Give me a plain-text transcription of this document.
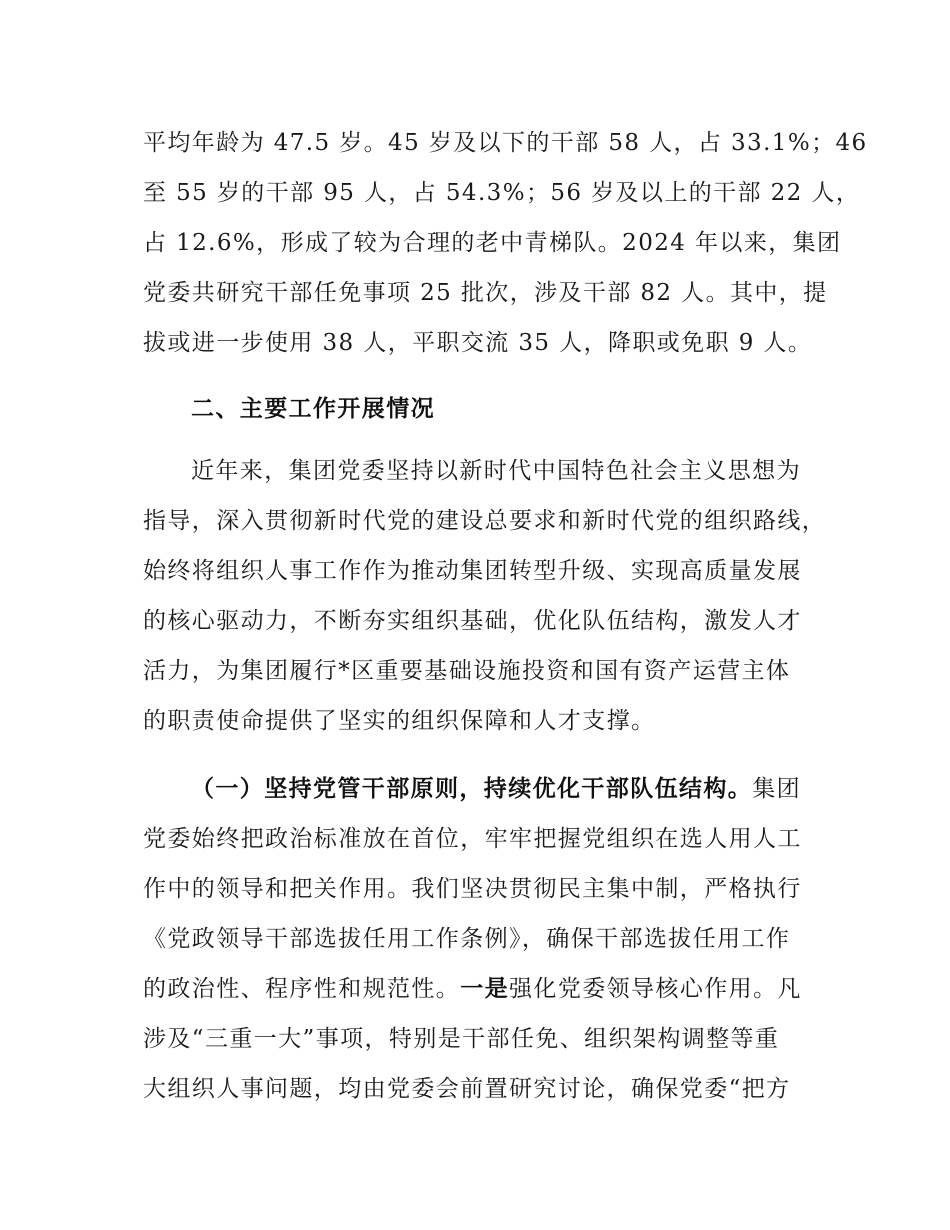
平均年龄为 47.5 岁。45 岁及以下的干部 58 人，占 33.1%；46
至 55 岁的干部 95 人，占 54.3%；56 岁及以上的干部 22 人，
占 12.6%，形成了较为合理的老中青梯队。2024 年以来，集团
党委共研究干部任免事项 25 批次，涉及干部 82 人。其中，提
拔或进一步使用 38 人，平职交流 35 人，降职或免职 9 人。
二、主要工作开展情况
近年来，集团党委坚持以新时代中国特色社会主义思想为
指导，深入贯彻新时代党的建设总要求和新时代党的组织路线，
始终将组织人事工作作为推动集团转型升级、实现高质量发展
的核心驱动力，不断夯实组织基础，优化队伍结构，激发人才
活力，为集团履行*区重要基础设施投资和国有资产运营主体
的职责使命提供了坚实的组织保障和人才支撑。
（一）坚持党管干部原则，持续优化干部队伍结构。集团
党委始终把政治标准放在首位，牢牢把握党组织在选人用人工
作中的领导和把关作用。我们坚决贯彻民主集中制，严格执行
《党政领导干部选拔任用工作条例》，确保干部选拔任用工作
的政治性、程序性和规范性。一是强化党委领导核心作用。凡
涉及“三重一大”事项，特别是干部任免、组织架构调整等重
大组织人事问题，均由党委会前置研究讨论，确保党委“把方
